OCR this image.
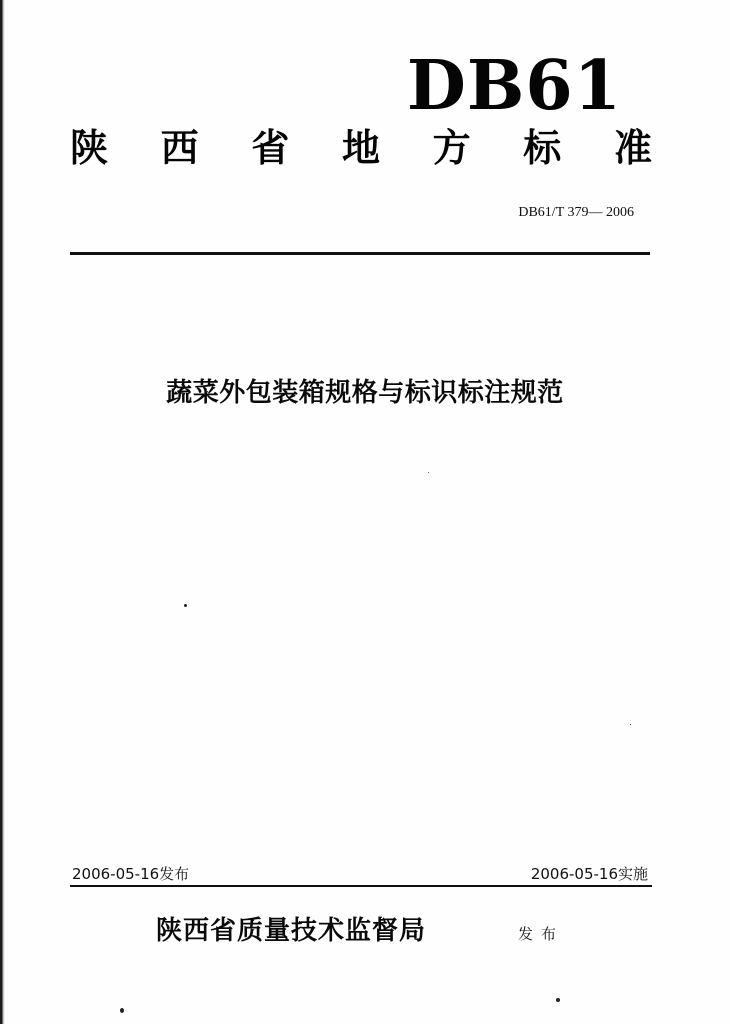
DB61
陕 西 省 地 方 标 准
DB61/T 379— 2006
蔬菜外包装箱规格与标识标注规范
2006-05-16发布	2006-05-16实施
陕西省质量技术监督局	发布
